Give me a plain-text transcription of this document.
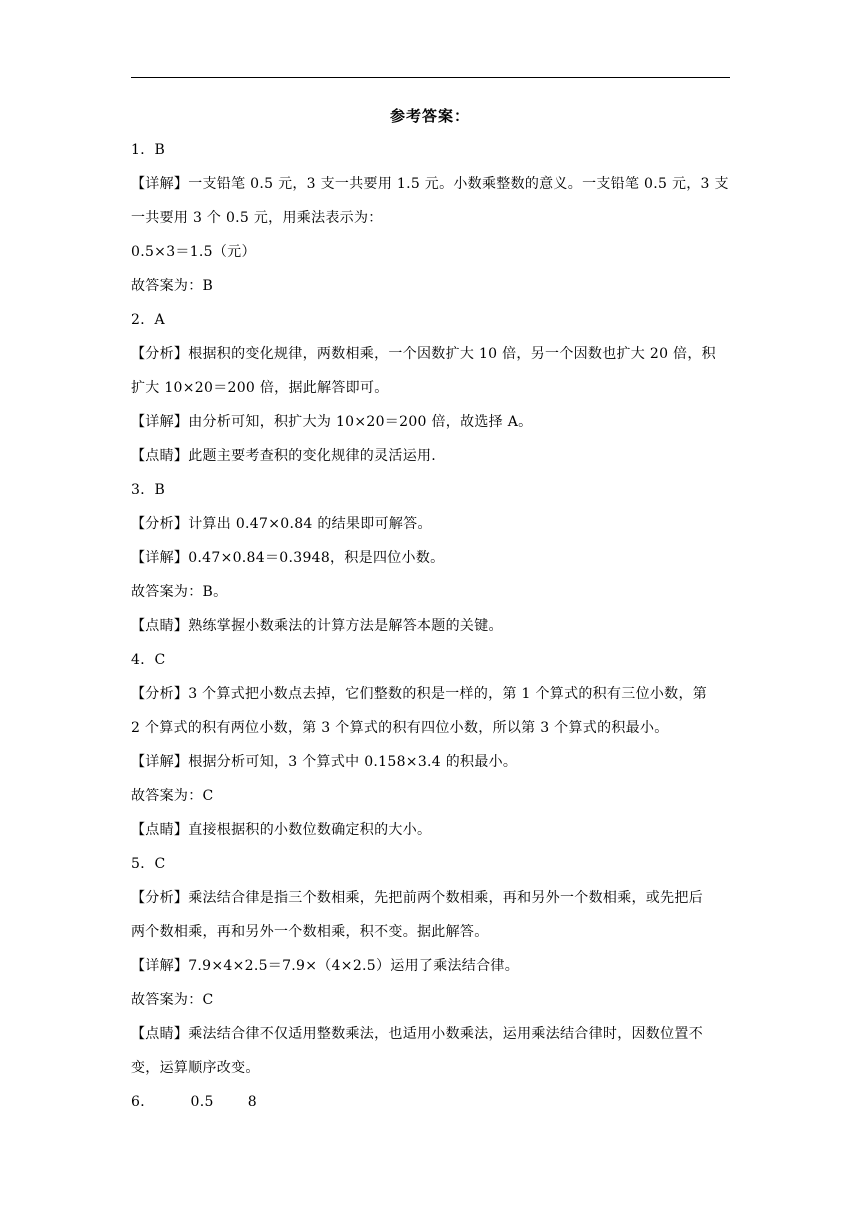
参考答案：
1．B
【详解】一支铅笔 0.5 元，3 支一共要用 1.5 元。小数乘整数的意义。一支铅笔 0.5 元，3 支
一共要用 3 个 0.5 元，用乘法表示为：
0.5×3＝1.5（元）
故答案为：B
2．A
【分析】根据积的变化规律，两数相乘，一个因数扩大 10 倍，另一个因数也扩大 20 倍，积
扩大 10×20＝200 倍，据此解答即可。
【详解】由分析可知，积扩大为 10×20＝200 倍，故选择 A。
【点睛】此题主要考查积的变化规律的灵活运用.
3．B
【分析】计算出 0.47×0.84 的结果即可解答。
【详解】0.47×0.84＝0.3948，积是四位小数。
故答案为：B。
【点睛】熟练掌握小数乘法的计算方法是解答本题的关键。
4．C
【分析】3 个算式把小数点去掉，它们整数的积是一样的，第 1 个算式的积有三位小数，第
2 个算式的积有两位小数，第 3 个算式的积有四位小数，所以第 3 个算式的积最小。
【详解】根据分析可知，3 个算式中 0.158×3.4 的积最小。
故答案为：C
【点睛】直接根据积的小数位数确定积的大小。
5．C
【分析】乘法结合律是指三个数相乘，先把前两个数相乘，再和另外一个数相乘，或先把后
两个数相乘，再和另外一个数相乘，积不变。据此解答。
【详解】7.9×4×2.5＝7.9×（4×2.5）运用了乘法结合律。
故答案为：C
【点睛】乘法结合律不仅适用整数乘法，也适用小数乘法，运用乘法结合律时，因数位置不
变，运算顺序改变。
6．	0.5 8
